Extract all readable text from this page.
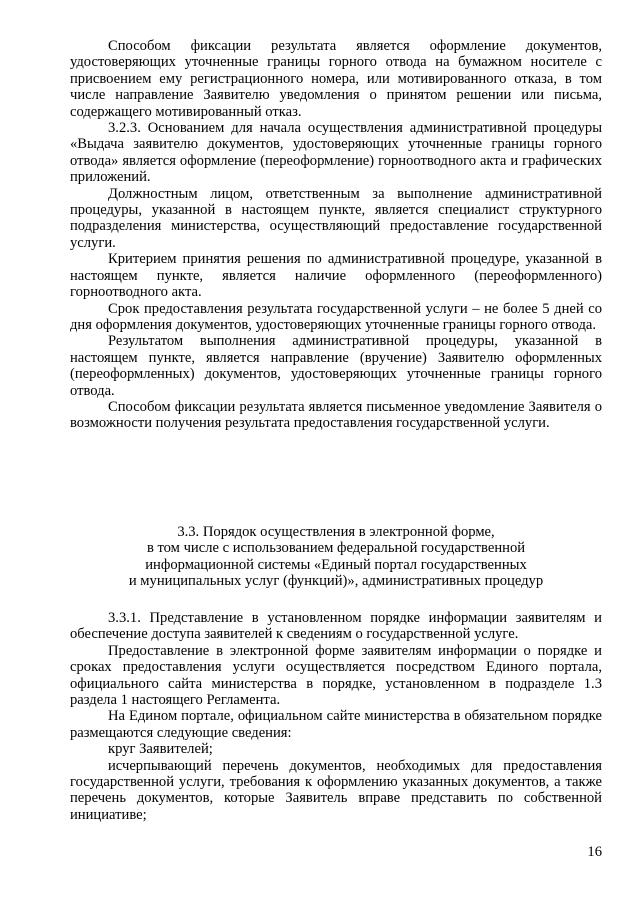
Способом фиксации результата является оформление документов, удостоверяющих уточненные границы горного отвода на бумажном носителе с присвоением ему регистрационного номера, или мотивированного отказа, в том числе направление Заявителю уведомления о принятом решении или письма, содержащего мотивированный отказ.

3.2.3. Основанием для начала осуществления административной процедуры «Выдача заявителю документов, удостоверяющих уточненные границы горного отвода» является оформление (переоформление) горноотводного акта и графических приложений.

Должностным лицом, ответственным за выполнение административной процедуры, указанной в настоящем пункте, является специалист структурного подразделения министерства, осуществляющий предоставление государственной услуги.

Критерием принятия решения по административной процедуре, указанной в настоящем пункте, является наличие оформленного (переоформленного) горноотводного акта.

Срок предоставления результата государственной услуги – не более 5 дней со дня оформления документов, удостоверяющих уточненные границы горного отвода.

Результатом выполнения административной процедуры, указанной в настоящем пункте, является направление (вручение) Заявителю оформленных (переоформленных) документов, удостоверяющих уточненные границы горного отвода.

Способом фиксации результата является письменное уведомление Заявителя о возможности получения результата предоставления государственной услуги.

3.3. Порядок осуществления в электронной форме,
в том числе с использованием федеральной государственной
информационной системы «Единый портал государственных
и муниципальных услуг (функций)», административных процедур

3.3.1. Представление в установленном порядке информации заявителям и обеспечение доступа заявителей к сведениям о государственной услуге.

Предоставление в электронной форме заявителям информации о порядке и сроках предоставления услуги осуществляется посредством Единого портала, официального сайта министерства в порядке, установленном в подразделе 1.3 раздела 1 настоящего Регламента.

На Едином портале, официальном сайте министерства в обязательном порядке размещаются следующие сведения:

круг Заявителей;

исчерпывающий перечень документов, необходимых для предоставления государственной услуги, требования к оформлению указанных документов, а также перечень документов, которые Заявитель вправе представить по собственной инициативе;

16
